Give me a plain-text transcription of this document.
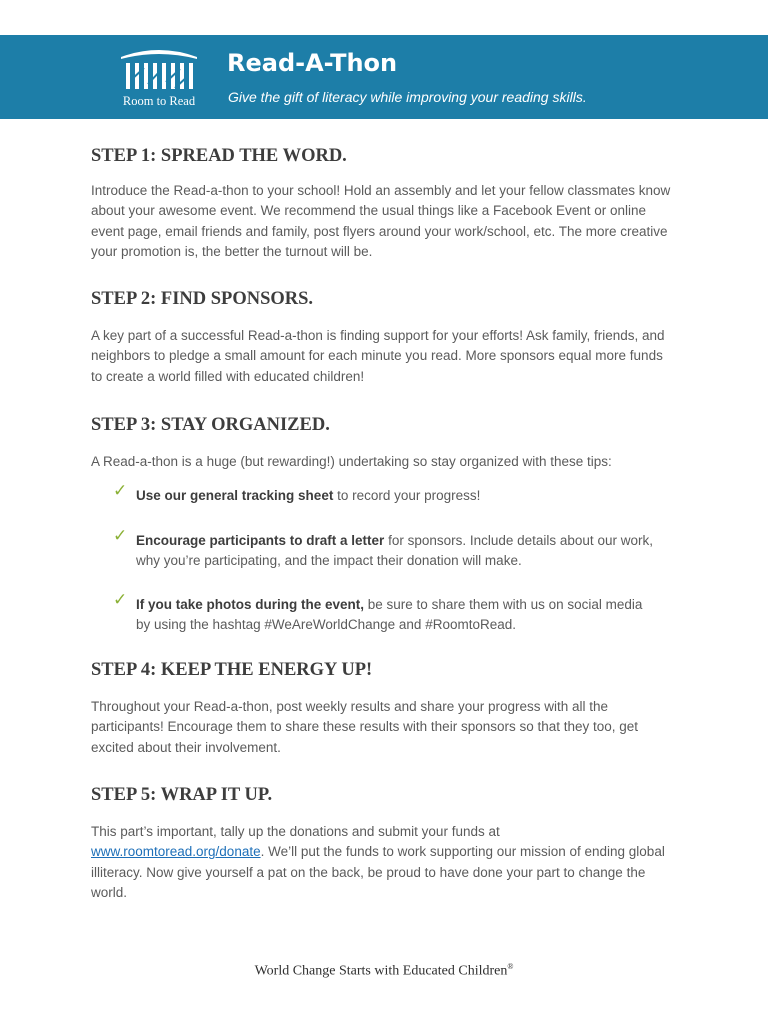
Room to Read
Read-A-Thon
Give the gift of literacy while improving your reading skills.
STEP 1: SPREAD THE WORD.

Introduce the Read-a-thon to your school! Hold an assembly and let your fellow classmates know about your awesome event. We recommend the usual things like a Facebook Event or online event page, email friends and family, post flyers around your work/school, etc. The more creative your promotion is, the better the turnout will be.

STEP 2: FIND SPONSORS.

A key part of a successful Read-a-thon is finding support for your efforts! Ask family, friends, and neighbors to pledge a small amount for each minute you read. More sponsors equal more funds to create a world filled with educated children!

STEP 3: STAY ORGANIZED.

A Read-a-thon is a huge (but rewarding!) undertaking so stay organized with these tips:

✓ Use our general tracking sheet to record your progress!
✓ Encourage participants to draft a letter for sponsors. Include details about our work, why you’re participating, and the impact their donation will make.
✓ If you take photos during the event, be sure to share them with us on social media by using the hashtag #WeAreWorldChange and #RoomtoRead.
STEP 4: KEEP THE ENERGY UP!

Throughout your Read-a-thon, post weekly results and share your progress with all the participants! Encourage them to share these results with their sponsors so that they too, get excited about their involvement.

STEP 5: WRAP IT UP.

This part’s important, tally up the donations and submit your funds at
www.roomtoread.org/donate. We’ll put the funds to work supporting our mission of ending global illiteracy. Now give yourself a pat on the back, be proud to have done your part to change the world.

World Change Starts with Educated Children®
